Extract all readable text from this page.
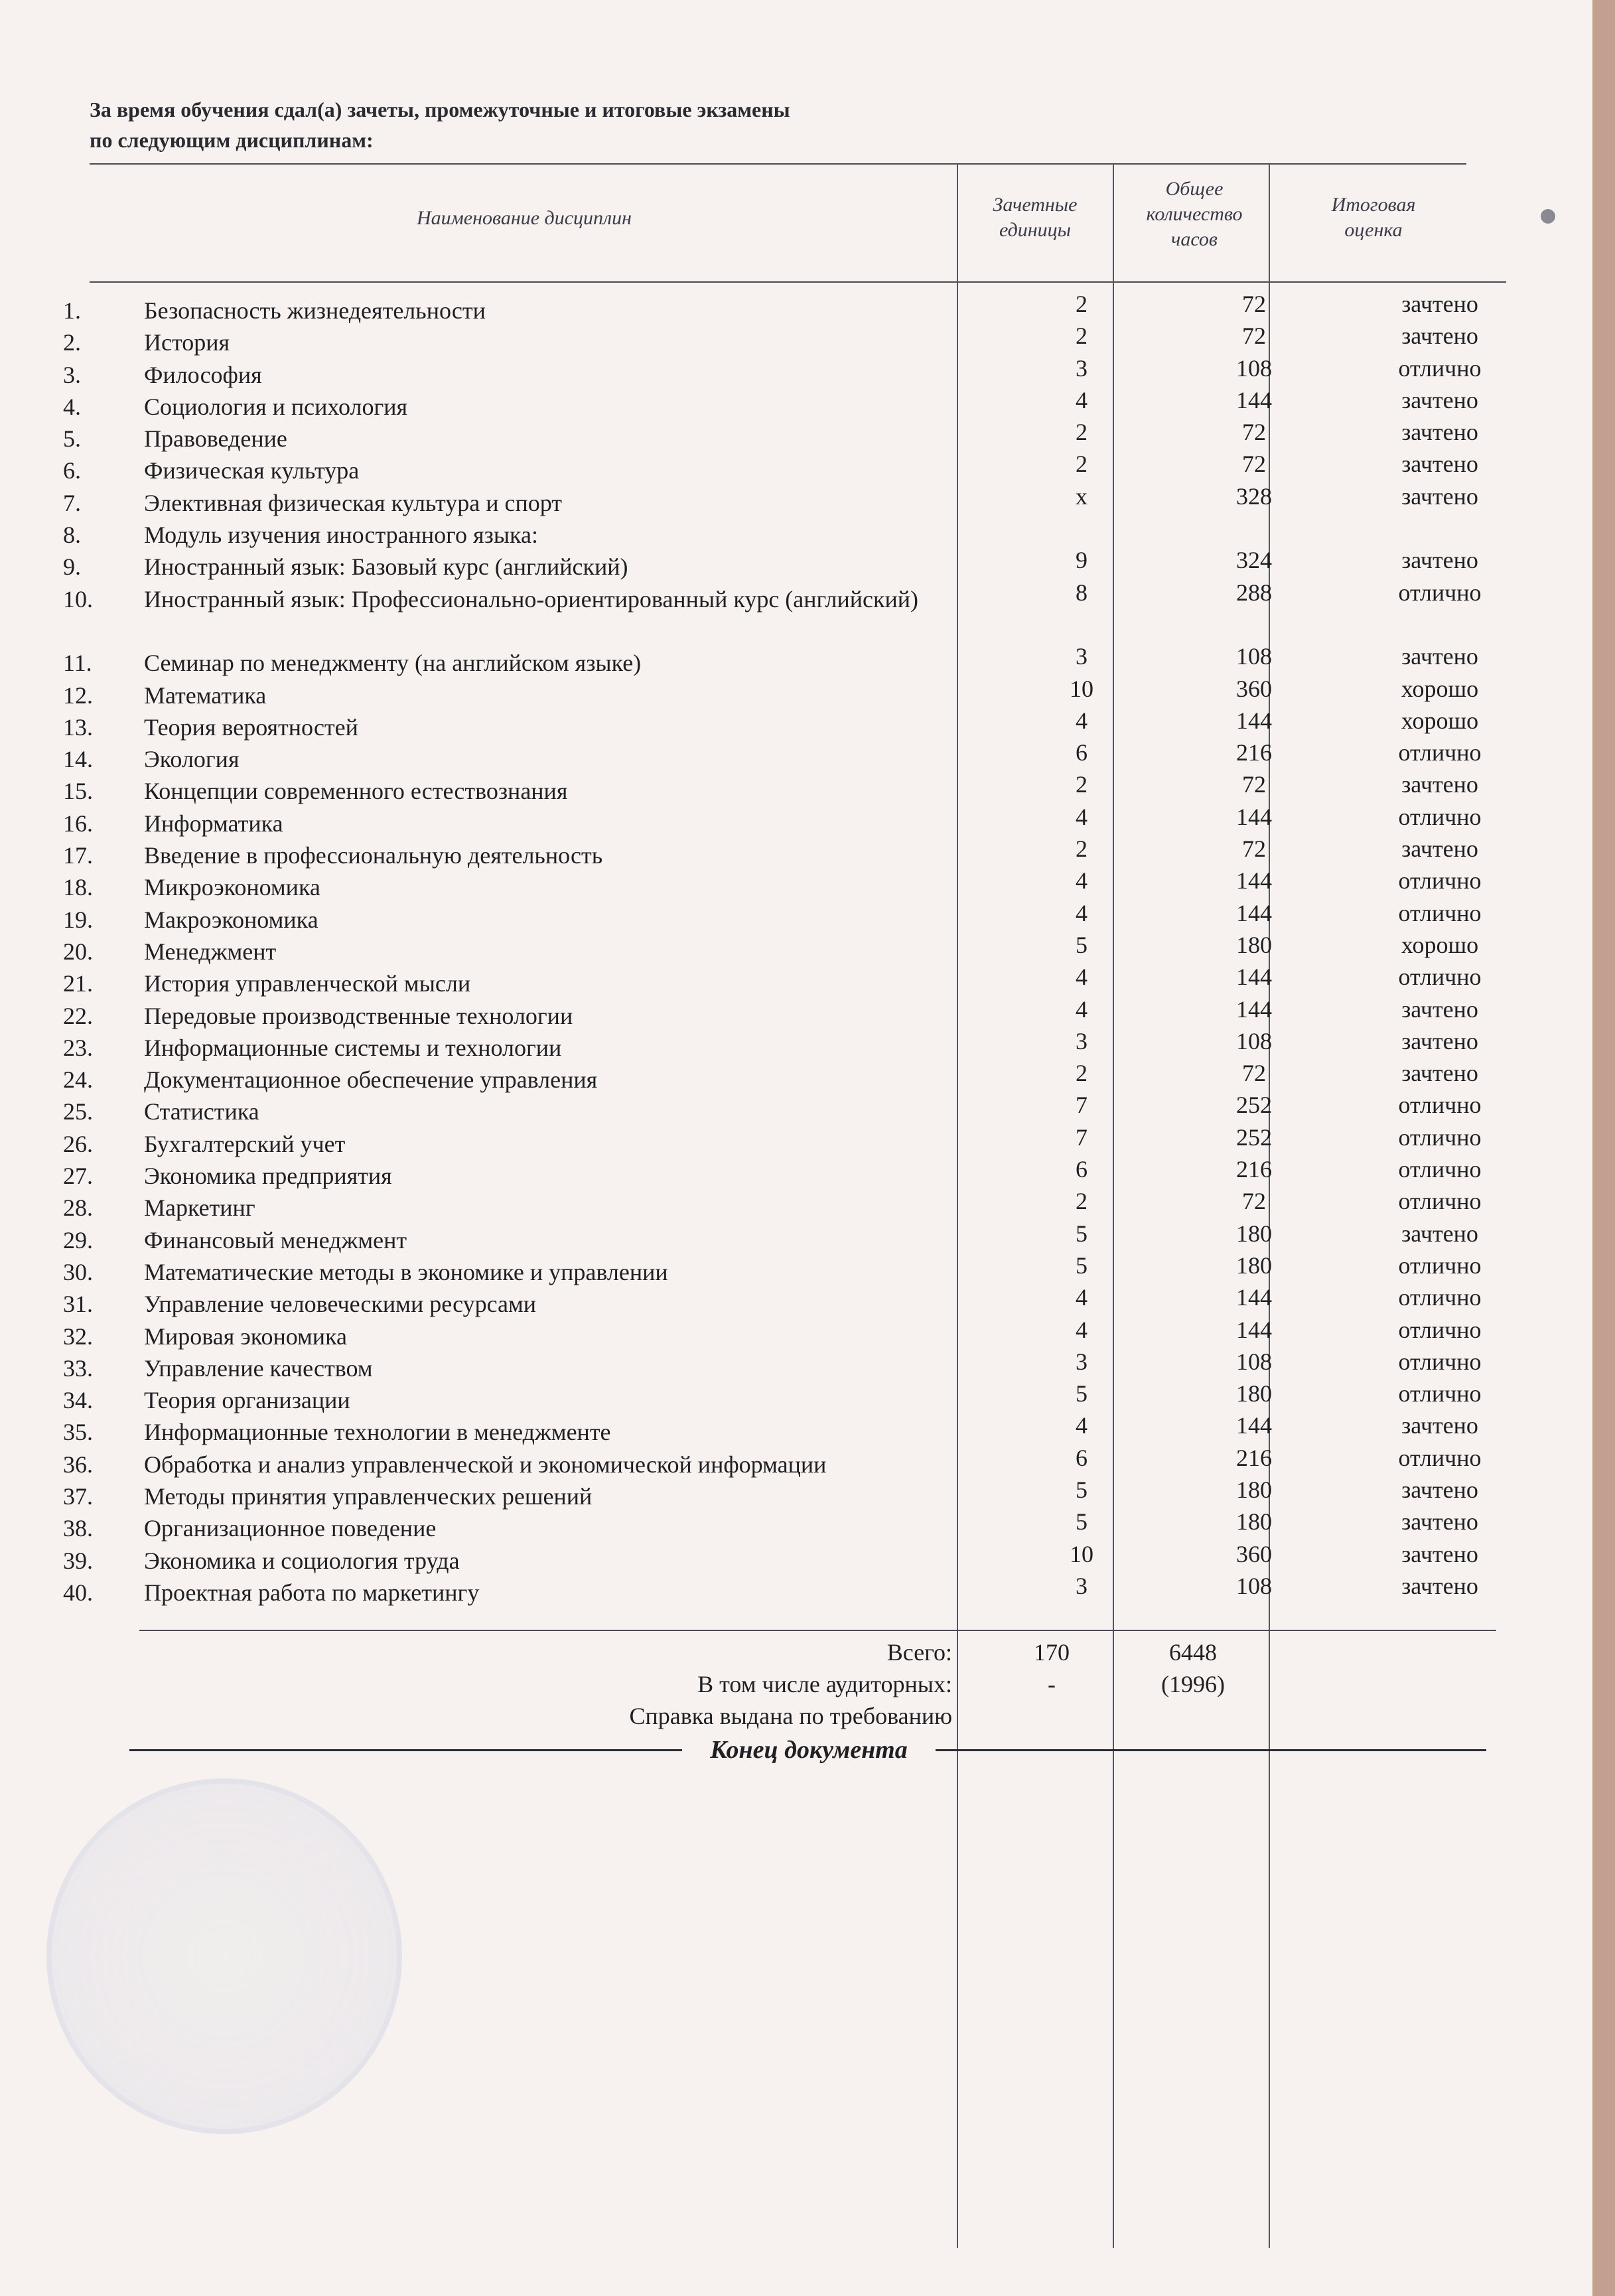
За время обучения сдал(а) зачеты, промежуточные и итоговые экзамены
по следующим дисциплинам:
Наименование дисциплин
Зачетные
единицы
Общее
количество
часов
Итоговая
оценка
1.	Безопасность жизнедеятельности	2	72	зачтено
2.	История	2	72	зачтено
3.	Философия	3	108	отлично
4.	Социология и психология	4	144	зачтено
5.	Правоведение	2	72	зачтено
6.	Физическая культура	2	72	зачтено
7.	Элективная физическая культура и спорт	х	328	зачтено
8.	Модуль изучения иностранного языка:
9.	Иностранный язык: Базовый курс (английский)	9	324	зачтено
10.	Иностранный язык: Профессионально-ориентированный курс (английский)	8	288	отлично
11.	Семинар по менеджменту (на английском языке)	3	108	зачтено
12.	Математика	10	360	хорошо
13.	Теория вероятностей	4	144	хорошо
14.	Экология	6	216	отлично
15.	Концепции современного естествознания	2	72	зачтено
16.	Информатика	4	144	отлично
17.	Введение в профессиональную деятельность	2	72	зачтено
18.	Микроэкономика	4	144	отлично
19.	Макроэкономика	4	144	отлично
20.	Менеджмент	5	180	хорошо
21.	История управленческой мысли	4	144	отлично
22.	Передовые производственные технологии	4	144	зачтено
23.	Информационные системы и технологии	3	108	зачтено
24.	Документационное обеспечение управления	2	72	зачтено
25.	Статистика	7	252	отлично
26.	Бухгалтерский учет	7	252	отлично
27.	Экономика предприятия	6	216	отлично
28.	Маркетинг	2	72	отлично
29.	Финансовый менеджмент	5	180	зачтено
30.	Математические методы в экономике и управлении	5	180	отлично
31.	Управление человеческими ресурсами	4	144	отлично
32.	Мировая экономика	4	144	отлично
33.	Управление качеством	3	108	отлично
34.	Теория организации	5	180	отлично
35.	Информационные технологии в менеджменте	4	144	зачтено
36.	Обработка и анализ управленческой и экономической информации	6	216	отлично
37.	Методы принятия управленческих решений	5	180	зачтено
38.	Организационное поведение	5	180	зачтено
39.	Экономика и социология труда	10	360	зачтено
40.	Проектная работа по маркетингу	3	108	зачтено
Всего:	170	6448
В том числе аудиторных:	-	(1996)
Справка выдана по требованию
Конец документа
